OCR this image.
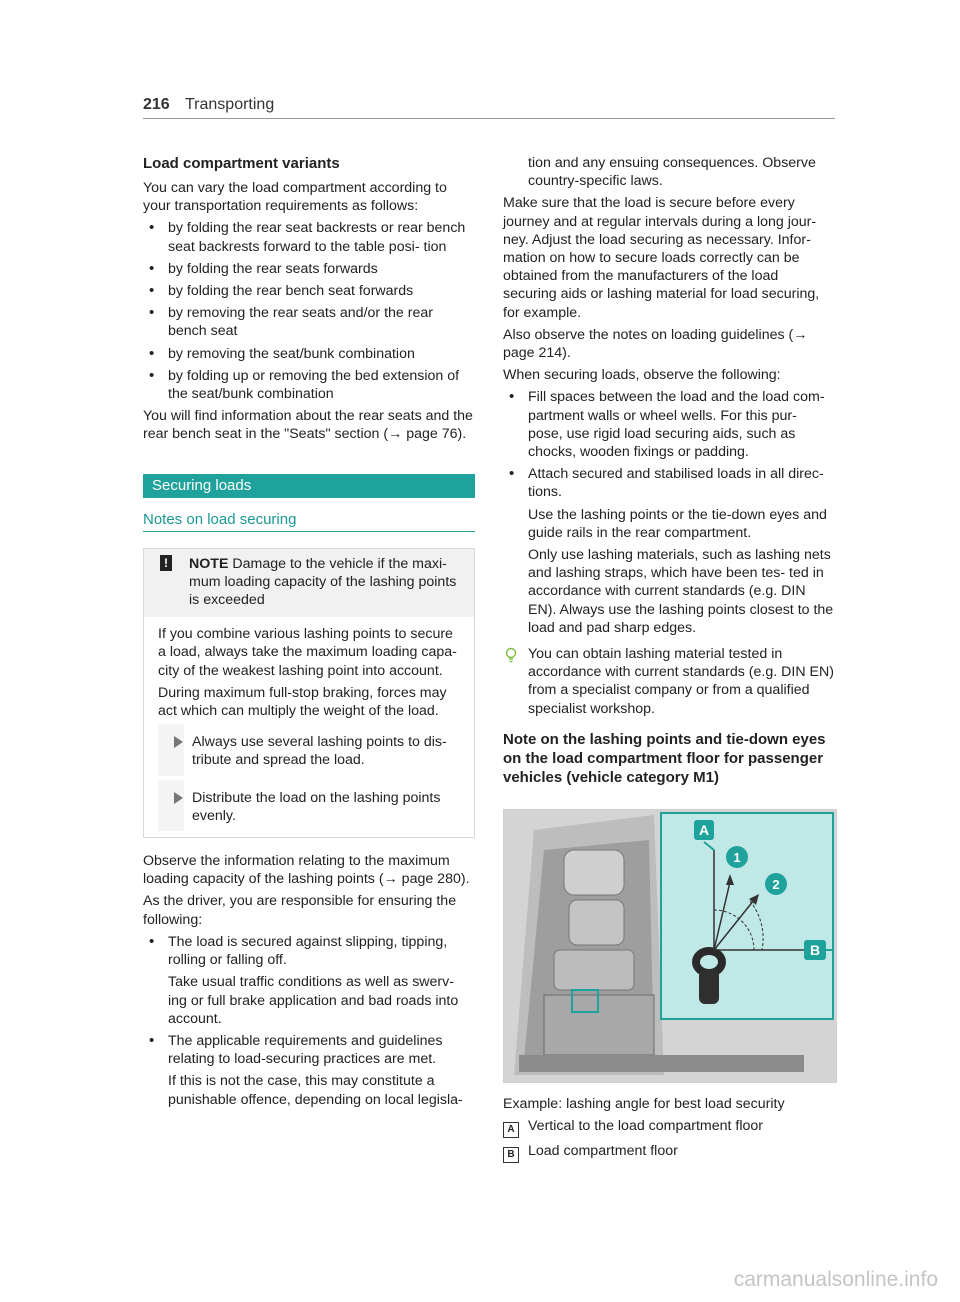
216 Transporting
Load compartment variants

You can vary the load compartment according to your transportation requirements as follows:

• by folding the rear seat backrests or rear bench seat backrests forward to the table posi- tion
• by folding the rear seats forwards
• by folding the rear bench seat forwards
• by removing the rear seats and/or the rear bench seat
• by removing the seat/bunk combination
• by folding up or removing the bed extension of the seat/bunk combination

You will find information about the rear seats and the rear bench seat in the "Seats" section (→ page 76).

Securing loads
Notes on load securing
! NOTE Damage to the vehicle if the maxi- mum loading capacity of the lashing points is exceeded

If you combine various lashing points to secure a load, always take the maximum loading capa- city of the weakest lashing point into account.

During maximum full-stop braking, forces may act which can multiply the weight of the load.

Always use several lashing points to dis- tribute and spread the load.
Distribute the load on the lashing points evenly.

Observe the information relating to the maximum loading capacity of the lashing points (→ page 280).

As the driver, you are responsible for ensuring the following:

• The load is secured against slipping, tipping, rolling or falling off.

Take usual traffic conditions as well as swerv- ing or full brake application and bad roads into account.

• The applicable requirements and guidelines relating to load-securing practices are met.

If this is not the case, this may constitute a punishable offence, depending on local legisla-

tion and any ensuing consequences. Observe country-specific laws.

Make sure that the load is secure before every journey and at regular intervals during a long jour- ney. Adjust the load securing as necessary. Infor- mation on how to secure loads correctly can be obtained from the manufacturers of the load securing aids or lashing material for load securing, for example.

Also observe the notes on loading guidelines (→ page 214).

When securing loads, observe the following:

• Fill spaces between the load and the load com- partment walls or wheel wells. For this pur- pose, use rigid load securing aids, such as chocks, wooden fixings or padding.
• Attach secured and stabilised loads in all direc- tions.

Use the lashing points or the tie-down eyes and guide rails in the rear compartment.

Only use lashing materials, such as lashing nets and lashing straps, which have been tes- ted in accordance with current standards (e.g. DIN EN). Always use the lashing points closest to the load and pad sharp edges.

You can obtain lashing material tested in accordance with current standards (e.g. DIN EN) from a specialist company or from a qualified specialist workshop.
Note on the lashing points and tie-down eyes on the load compartment floor for passenger vehicles (vehicle category M1)
A
1
2
B

Example: lashing angle for best load security

A Vertical to the load compartment floor

B Load compartment floor

carmanualsonline.info
